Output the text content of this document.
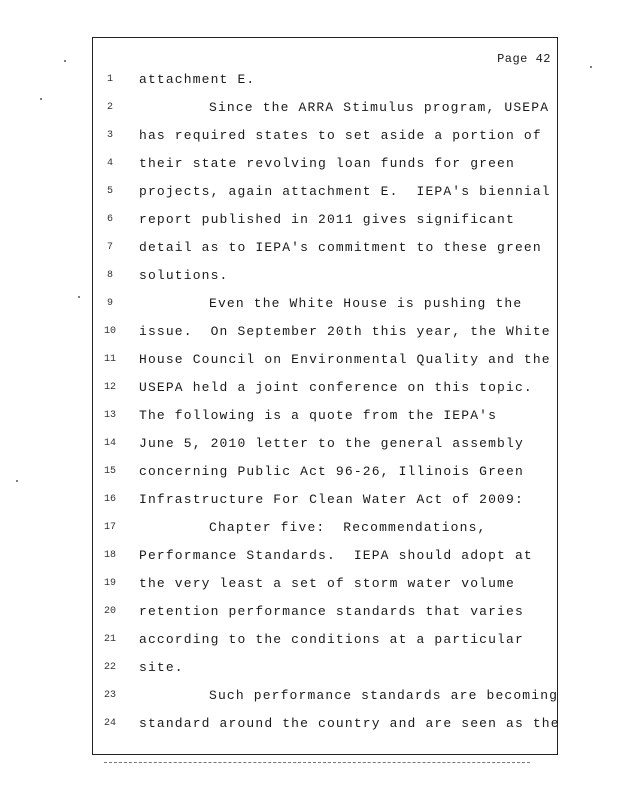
Page 42
1	attachment E.
2	Since the ARRA Stimulus program, USEPA
3	has required states to set aside a portion of
4	their state revolving loan funds for green
5	projects, again attachment E.  IEPA's biennial
6	report published in 2011 gives significant
7	detail as to IEPA's commitment to these green
8	solutions.
9	Even the White House is pushing the
10	issue.  On September 20th this year, the White
11	House Council on Environmental Quality and the
12	USEPA held a joint conference on this topic.
13	The following is a quote from the IEPA's
14	June 5, 2010 letter to the general assembly
15	concerning Public Act 96-26, Illinois Green
16	Infrastructure For Clean Water Act of 2009:
17	Chapter five:  Recommendations,
18	Performance Standards.  IEPA should adopt at
19	the very least a set of storm water volume
20	retention performance standards that varies
21	according to the conditions at a particular
22	site.
23	Such performance standards are becoming
24	standard around the country and are seen as the
